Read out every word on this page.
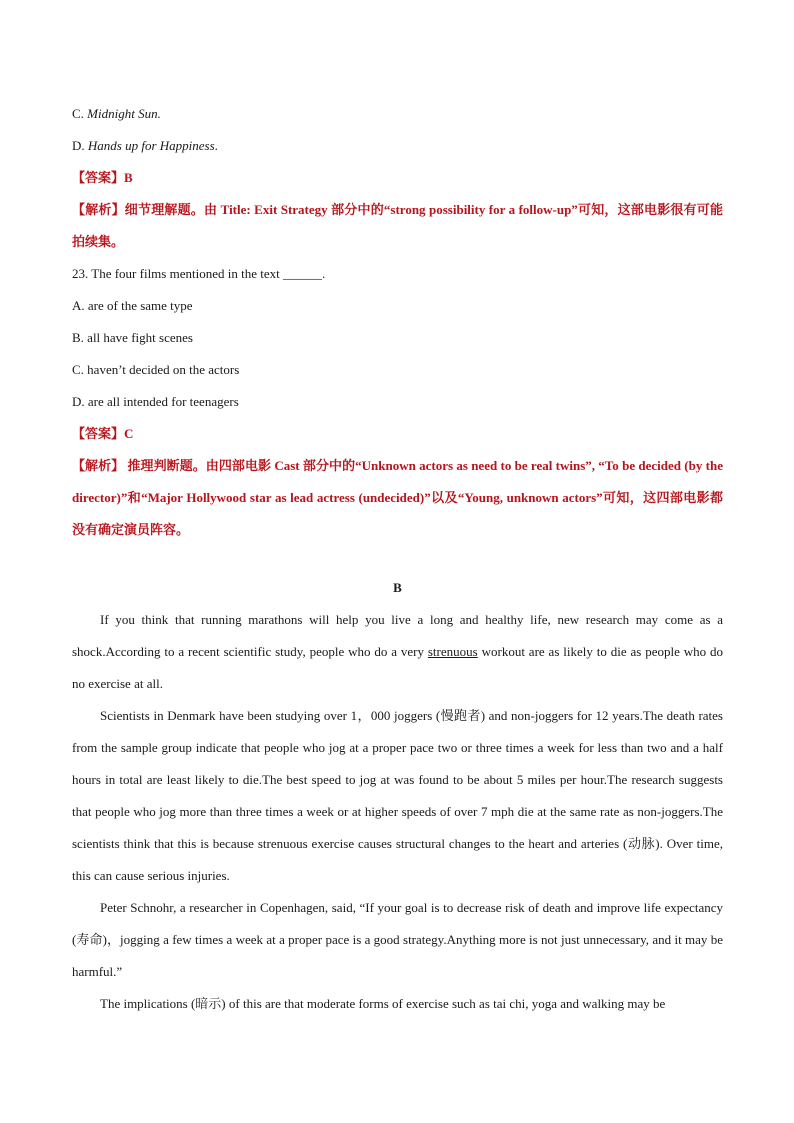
C. Midnight Sun.

D. Hands up for Happiness.

【答案】B

【解析】细节理解题。由 Title: Exit Strategy 部分中的“strong possibility for a follow-up”可知，这部电影很有可能拍续集。

23. The four films mentioned in the text ______.

A. are of the same type

B. all have fight scenes

C. haven’t decided on the actors

D. are all intended for teenagers

【答案】C

【解析】 推理判断题。由四部电影 Cast 部分中的“Unknown actors as need to be real twins”, “To be decided (by the director)”和“Major Hollywood star as lead actress (undecided)”以及“Young, unknown actors”可知，这四部电影都没有确定演员阵容。

B

If you think that running marathons will help you live a long and healthy life, new research may come as a shock.According to a recent scientific study, people who do a very strenuous workout are as likely to die as people who do no exercise at all.

Scientists in Denmark have been studying over 1，000 joggers (慢跑者) and non-joggers for 12 years.The death rates from the sample group indicate that people who jog at a proper pace two or three times a week for less than two and a half hours in total are least likely to die.The best speed to jog at was found to be about 5 miles per hour.The research suggests that people who jog more than three times a week or at higher speeds of over 7 mph die at the same rate as non-joggers.The scientists think that this is because strenuous exercise causes structural changes to the heart and arteries (动脉). Over time, this can cause serious injuries.

Peter Schnohr, a researcher in Copenhagen, said, “If your goal is to decrease risk of death and improve life expectancy (寿命)，jogging a few times a week at a proper pace is a good strategy.Anything more is not just unnecessary, and it may be harmful.”

The implications (暗示) of this are that moderate forms of exercise such as tai chi, yoga and walking may be
